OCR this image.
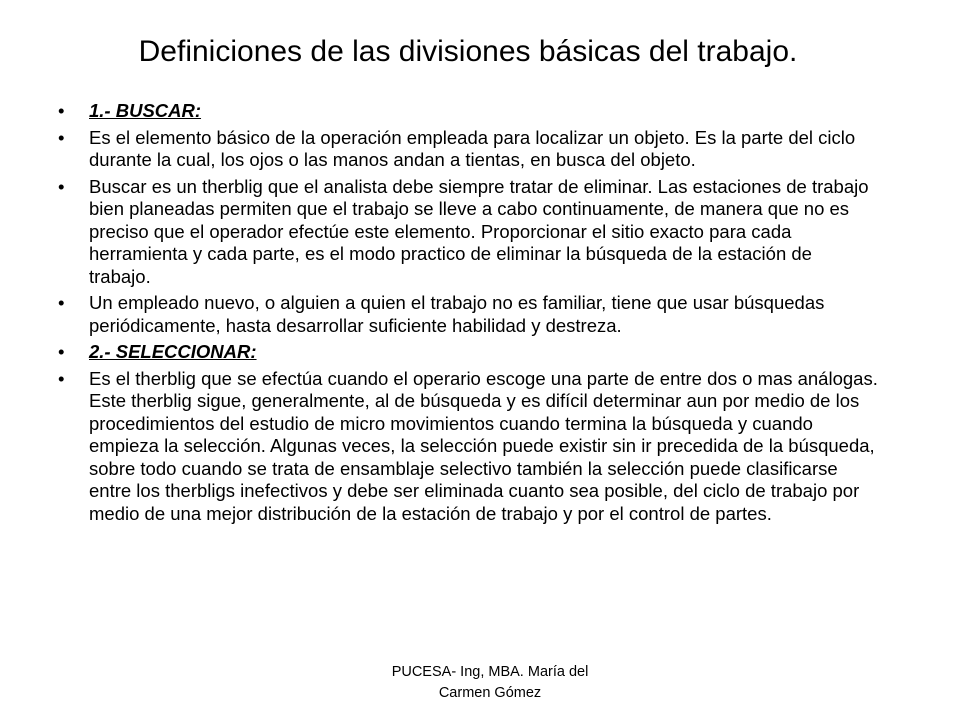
Definiciones de las divisiones básicas del trabajo.
•	1.- BUSCAR:
•	Es el elemento básico de la operación empleada para localizar un objeto. Es la parte del ciclo durante la cual, los ojos o las manos andan a tientas, en busca del objeto.
•	Buscar es un therblig que el analista debe siempre tratar de eliminar. Las estaciones de trabajo bien planeadas permiten que el trabajo se lleve a cabo continuamente, de manera que no es preciso que el operador efectúe este elemento. Proporcionar el sitio exacto para cada herramienta y cada parte, es el modo practico de eliminar la búsqueda de la estación de trabajo.
•	Un empleado nuevo, o alguien a quien el trabajo no es familiar, tiene que usar búsquedas periódicamente, hasta desarrollar suficiente habilidad y destreza.
•	2.- SELECCIONAR:
•	Es el therblig que se efectúa cuando el operario escoge una parte de entre dos o mas análogas. Este therblig sigue, generalmente, al de búsqueda y es difícil determinar aun por medio de los procedimientos del estudio de micro movimientos cuando termina la búsqueda y cuando empieza la selección. Algunas veces, la selección puede existir sin ir precedida de la búsqueda, sobre todo cuando se trata de ensamblaje selectivo también la selección puede clasificarse entre los therbligs inefectivos y debe ser eliminada cuanto sea posible, del ciclo de trabajo por medio de una mejor distribución de la estación de trabajo y por el control de partes.
PUCESA- Ing, MBA. María del
Carmen Gómez
